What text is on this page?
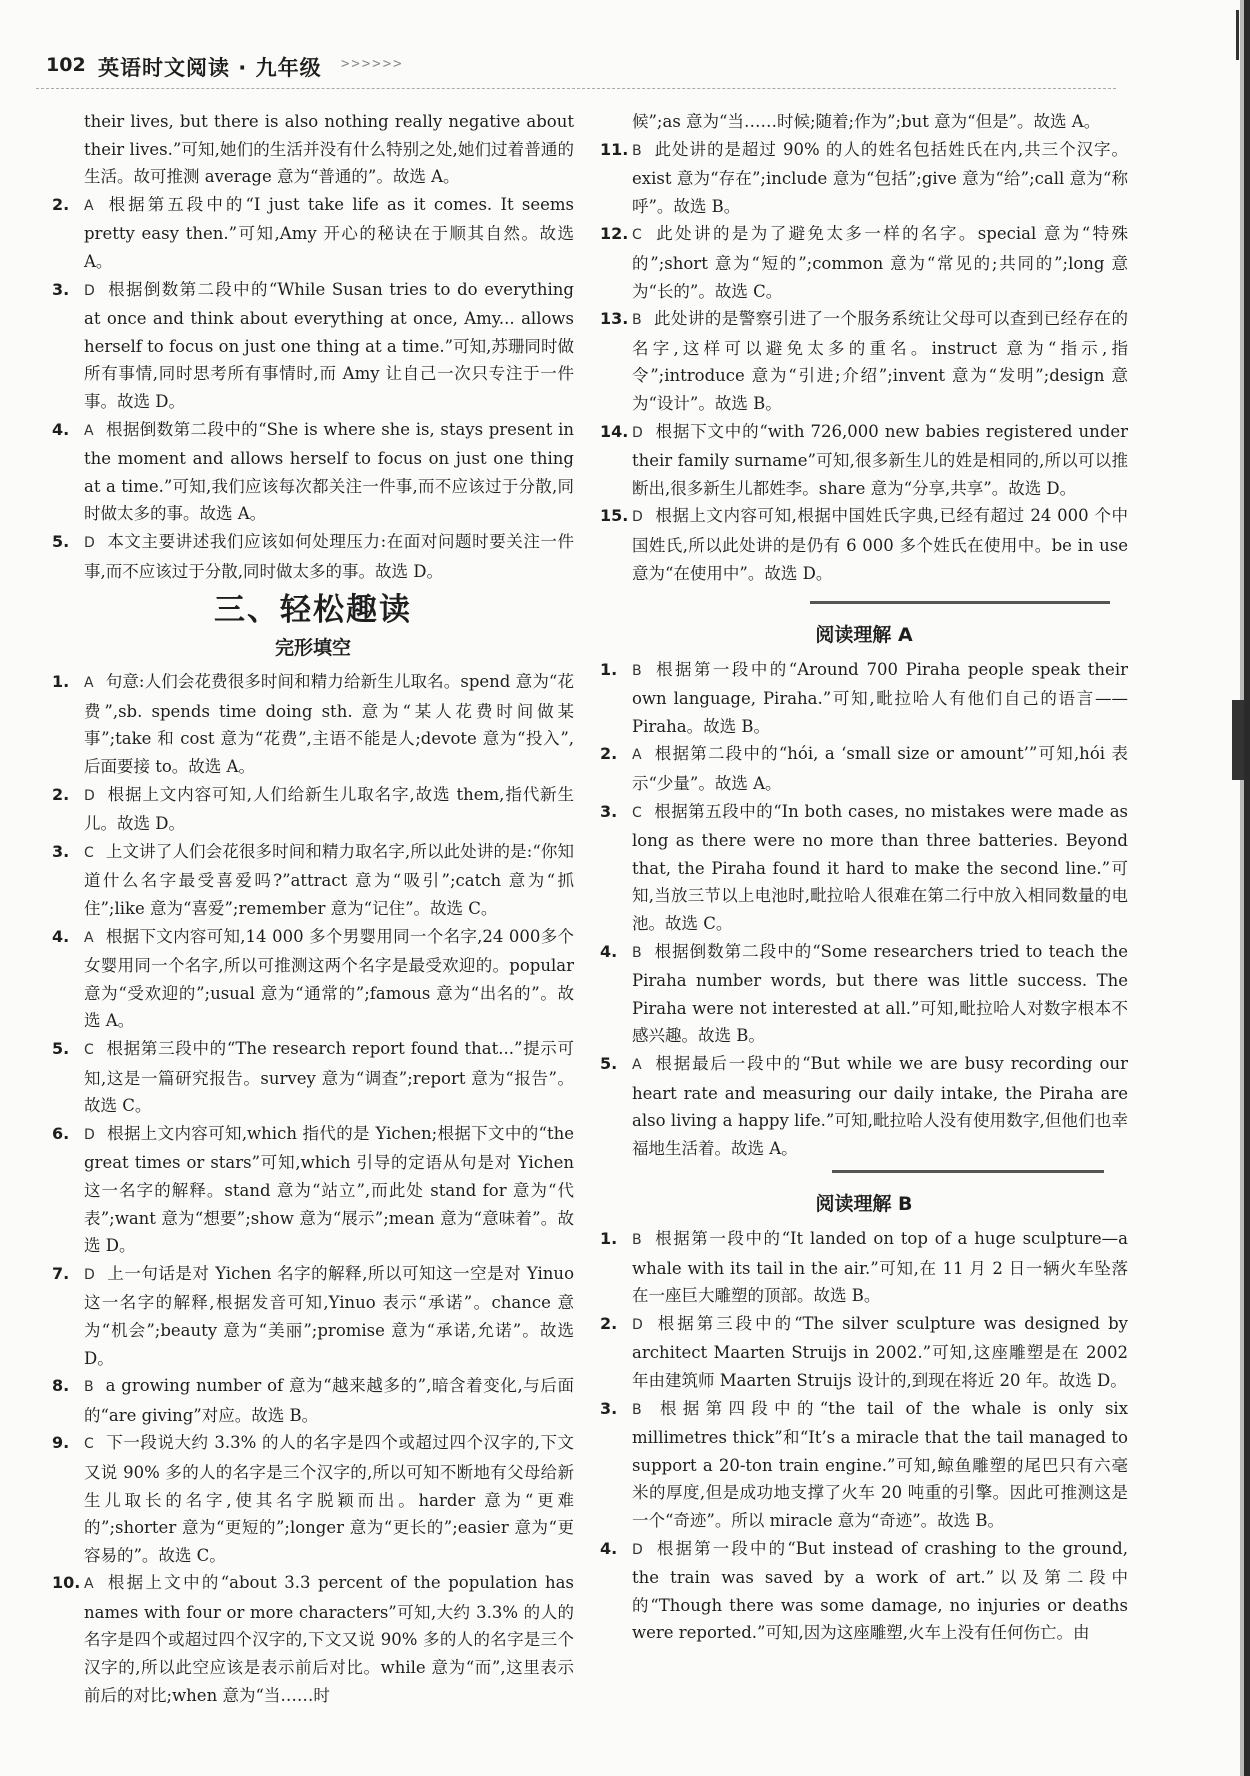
102 英语时文阅读 · 九年级 >>>>>>

their lives, but there is also nothing really negative about their lives.”可知,她们的生活并没有什么特别之处,她们过着普通的生活。故可推测 average 意为“普通的”。故选 A。

2. A 根据第五段中的“I just take life as it comes. It seems pretty easy then.”可知,Amy 开心的秘诀在于顺其自然。故选 A。

3. D 根据倒数第二段中的“While Susan tries to do everything at once and think about everything at once, Amy... allows herself to focus on just one thing at a time.”可知,苏珊同时做所有事情,同时思考所有事情时,而 Amy 让自己一次只专注于一件事。故选 D。

4. A 根据倒数第二段中的“She is where she is, stays present in the moment and allows herself to focus on just one thing at a time.”可知,我们应该每次都关注一件事,而不应该过于分散,同时做太多的事。故选 A。

5. D 本文主要讲述我们应该如何处理压力:在面对问题时要关注一件事,而不应该过于分散,同时做太多的事。故选 D。

三、轻松趣读
完形填空

1. A 句意:人们会花费很多时间和精力给新生儿取名。spend 意为“花费”,sb. spends time doing sth. 意为“某人花费时间做某事”;take 和 cost 意为“花费”,主语不能是人;devote 意为“投入”,后面要接 to。故选 A。

2. D 根据上文内容可知,人们给新生儿取名字,故选 them,指代新生儿。故选 D。

3. C 上文讲了人们会花很多时间和精力取名字,所以此处讲的是:“你知道什么名字最受喜爱吗?”attract 意为“吸引”;catch 意为“抓住”;like 意为“喜爱”;remember 意为“记住”。故选 C。

4. A 根据下文内容可知,14 000 多个男婴用同一个名字,24 000多个女婴用同一个名字,所以可推测这两个名字是最受欢迎的。popular 意为“受欢迎的”;usual 意为“通常的”;famous 意为“出名的”。故选 A。

5. C 根据第三段中的“The research report found that...”提示可知,这是一篇研究报告。survey 意为“调查”;report 意为“报告”。故选 C。

6. D 根据上文内容可知,which 指代的是 Yichen;根据下文中的“the great times or stars”可知,which 引导的定语从句是对 Yichen 这一名字的解释。stand 意为“站立”,而此处 stand for 意为“代表”;want 意为“想要”;show 意为“展示”;mean 意为“意味着”。故选 D。

7. D 上一句话是对 Yichen 名字的解释,所以可知这一空是对 Yinuo 这一名字的解释,根据发音可知,Yinuo 表示“承诺”。chance 意为“机会”;beauty 意为“美丽”;promise 意为“承诺,允诺”。故选 D。

8. B a growing number of 意为“越来越多的”,暗含着变化,与后面的“are giving”对应。故选 B。

9. C 下一段说大约 3.3% 的人的名字是四个或超过四个汉字的,下文又说 90% 多的人的名字是三个汉字的,所以可知不断地有父母给新生儿取长的名字,使其名字脱颖而出。harder 意为“更难的”;shorter 意为“更短的”;longer 意为“更长的”;easier 意为“更容易的”。故选 C。

10. A 根据上文中的“about 3.3 percent of the population has names with four or more characters”可知,大约 3.3% 的人的名字是四个或超过四个汉字的,下文又说 90% 多的人的名字是三个汉字的,所以此空应该是表示前后对比。while 意为“而”,这里表示前后的对比;when 意为“当……时

候”;as 意为“当……时候;随着;作为”;but 意为“但是”。故选 A。

11. B 此处讲的是超过 90% 的人的姓名包括姓氏在内,共三个汉字。exist 意为“存在”;include 意为“包括”;give 意为“给”;call 意为“称呼”。故选 B。

12. C 此处讲的是为了避免太多一样的名字。special 意为“特殊的”;short 意为“短的”;common 意为“常见的;共同的”;long 意为“长的”。故选 C。

13. B 此处讲的是警察引进了一个服务系统让父母可以查到已经存在的名字,这样可以避免太多的重名。instruct 意为“指示,指令”;introduce 意为“引进;介绍”;invent 意为“发明”;design 意为“设计”。故选 B。

14. D 根据下文中的“with 726,000 new babies registered under their family surname”可知,很多新生儿的姓是相同的,所以可以推断出,很多新生儿都姓李。share 意为“分享,共享”。故选 D。

15. D 根据上文内容可知,根据中国姓氏字典,已经有超过 24 000 个中国姓氏,所以此处讲的是仍有 6 000 多个姓氏在使用中。be in use 意为“在使用中”。故选 D。

阅读理解 A

1. B 根据第一段中的“Around 700 Piraha people speak their own language, Piraha.”可知,毗拉哈人有他们自己的语言——Piraha。故选 B。

2. A 根据第二段中的“hói, a ‘small size or amount’”可知,hói 表示“少量”。故选 A。

3. C 根据第五段中的“In both cases, no mistakes were made as long as there were no more than three batteries. Beyond that, the Piraha found it hard to make the second line.”可知,当放三节以上电池时,毗拉哈人很难在第二行中放入相同数量的电池。故选 C。

4. B 根据倒数第二段中的“Some researchers tried to teach the Piraha number words, but there was little success. The Piraha were not interested at all.”可知,毗拉哈人对数字根本不感兴趣。故选 B。

5. A 根据最后一段中的“But while we are busy recording our heart rate and measuring our daily intake, the Piraha are also living a happy life.”可知,毗拉哈人没有使用数字,但他们也幸福地生活着。故选 A。

阅读理解 B

1. B 根据第一段中的“It landed on top of a huge sculpture—a whale with its tail in the air.”可知,在 11 月 2 日一辆火车坠落在一座巨大雕塑的顶部。故选 B。

2. D 根据第三段中的“The silver sculpture was designed by architect Maarten Struijs in 2002.”可知,这座雕塑是在 2002 年由建筑师 Maarten Struijs 设计的,到现在将近 20 年。故选 D。

3. B 根据第四段中的“the tail of the whale is only six millimetres thick”和“It’s a miracle that the tail managed to support a 20-ton train engine.”可知,鲸鱼雕塑的尾巴只有六毫米的厚度,但是成功地支撑了火车 20 吨重的引擎。因此可推测这是一个“奇迹”。所以 miracle 意为“奇迹”。故选 B。

4. D 根据第一段中的“But instead of crashing to the ground, the train was saved by a work of art.”以及第二段中的“Though there was some damage, no injuries or deaths were reported.”可知,因为这座雕塑,火车上没有任何伤亡。由
